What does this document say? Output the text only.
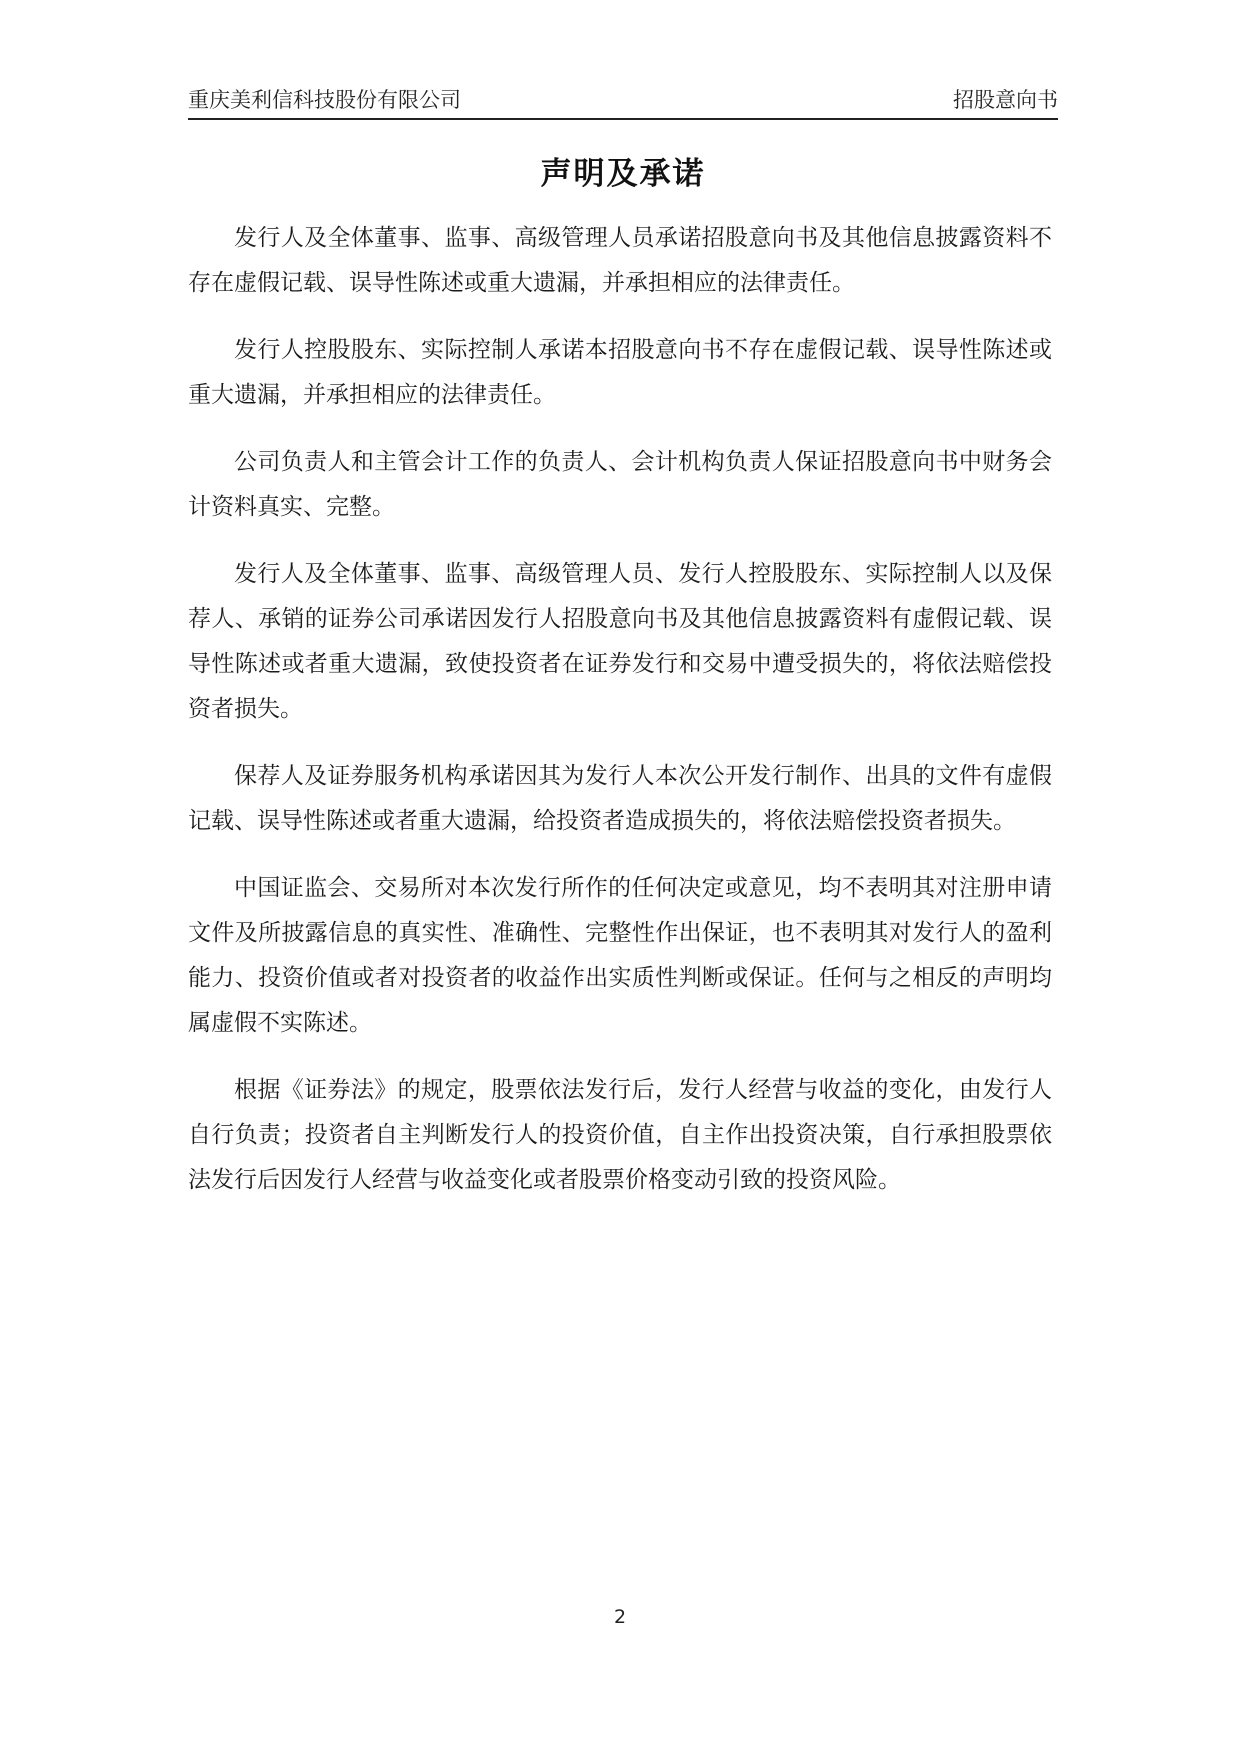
重庆美利信科技股份有限公司	招股意向书
声明及承诺

发行人及全体董事、监事、高级管理人员承诺招股意向书及其他信息披露资料不存在虚假记载、误导性陈述或重大遗漏，并承担相应的法律责任。

发行人控股股东、实际控制人承诺本招股意向书不存在虚假记载、误导性陈述或重大遗漏，并承担相应的法律责任。

公司负责人和主管会计工作的负责人、会计机构负责人保证招股意向书中财务会计资料真实、完整。

发行人及全体董事、监事、高级管理人员、发行人控股股东、实际控制人以及保荐人、承销的证券公司承诺因发行人招股意向书及其他信息披露资料有虚假记载、误导性陈述或者重大遗漏，致使投资者在证券发行和交易中遭受损失的，将依法赔偿投资者损失。

保荐人及证券服务机构承诺因其为发行人本次公开发行制作、出具的文件有虚假记载、误导性陈述或者重大遗漏，给投资者造成损失的，将依法赔偿投资者损失。

中国证监会、交易所对本次发行所作的任何决定或意见，均不表明其对注册申请文件及所披露信息的真实性、准确性、完整性作出保证，也不表明其对发行人的盈利能力、投资价值或者对投资者的收益作出实质性判断或保证。任何与之相反的声明均属虚假不实陈述。

根据《证券法》的规定，股票依法发行后，发行人经营与收益的变化，由发行人自行负责；投资者自主判断发行人的投资价值，自主作出投资决策，自行承担股票依法发行后因发行人经营与收益变化或者股票价格变动引致的投资风险。

2
